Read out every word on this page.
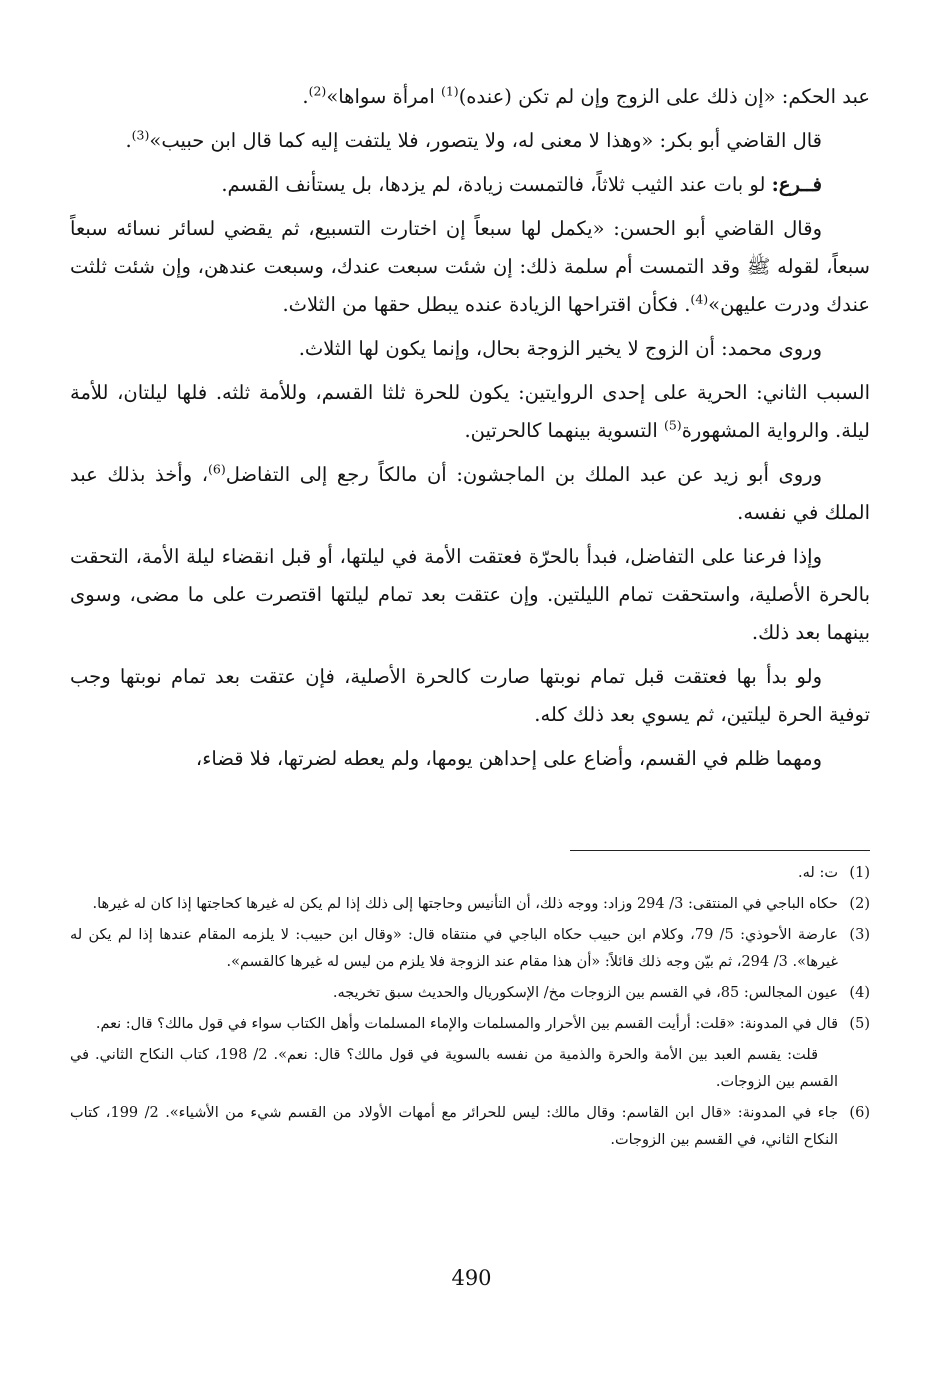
عبد الحكم: «إن ذلك على الزوج وإن لم تكن (عنده)$^{(1)}$ امرأة سواها»$^{(2)}$.

قال القاضي أبو بكر: «وهذا لا معنى له، ولا يتصور، فلا يلتفت إليه كما قال ابن حبيب»$^{(3)}$.

فــرع: لو بات عند الثيب ثلاثاً، فالتمست زيادة، لم يزدها، بل يستأنف القسم.

وقال القاضي أبو الحسن: «يكمل لها سبعاً إن اختارت التسبيع، ثم يقضي لسائر نسائه سبعاً سبعاً، لقوله ﷺ وقد التمست أم سلمة ذلك: إن شئت سبعت عندك، وسبعت عندهن، وإن شئت ثلثت عندك ودرت عليهن»$^{(4)}$. فكأن اقتراحها الزيادة عنده يبطل حقها من الثلاث.

وروى محمد: أن الزوج لا يخير الزوجة بحال، وإنما يكون لها الثلاث.

السبب الثاني: الحرية على إحدى الروايتين: يكون للحرة ثلثا القسم، وللأمة ثلثه. فلها ليلتان، للأمة ليلة. والرواية المشهورة$^{(5)}$ التسوية بينهما كالحرتين.

وروى أبو زيد عن عبد الملك بن الماجشون: أن مالكاً رجع إلى التفاضل$^{(6)}$، وأخذ بذلك عبد الملك في نفسه.

وإذا فرعنا على التفاضل، فبدأ بالحرّة فعتقت الأمة في ليلتها، أو قبل انقضاء ليلة الأمة، التحقت بالحرة الأصلية، واستحقت تمام الليلتين. وإن عتقت بعد تمام ليلتها اقتصرت على ما مضى، وسوى بينهما بعد ذلك.

ولو بدأ بها فعتقت قبل تمام نوبتها صارت كالحرة الأصلية، فإن عتقت بعد تمام نوبتها وجب توفية الحرة ليلتين، ثم يسوي بعد ذلك كله.

ومهما ظلم في القسم، وأضاع على إحداهن يومها، ولم يعطه لضرتها، فلا قضاء،

(1)
ت: له.
(2)
حكاه الباجي في المنتقى: 3/ 294 وزاد: ووجه ذلك، أن التأنيس وحاجتها إلى ذلك إذا لم يكن له غيرها كحاجتها إذا كان له غيرها.
(3)
عارضة الأحوذي: 5/ 79، وكلام ابن حبيب حكاه الباجي في منتقاه قال: «وقال ابن حبيب: لا يلزمه المقام عندها إذا لم يكن له غيرها». 3/ 294، ثم بيّن وجه ذلك قائلاً: «أن هذا مقام عند الزوجة فلا يلزم من ليس له غيرها كالقسم».
(4)
عيون المجالس: 85، في القسم بين الزوجات مخ/ الإسكوريال والحديث سبق تخريجه.
(5)
قال في المدونة: «قلت: أرأيت القسم بين الأحرار والمسلمات والإماء المسلمات وأهل الكتاب سواء في قول مالك؟ قال: نعم.
قلت: يقسم العبد بين الأمة والحرة والذمية من نفسه بالسوية في قول مالك؟ قال: نعم». 2/ 198، كتاب النكاح الثاني. في القسم بين الزوجات.
(6)
جاء في المدونة: «قال ابن القاسم: وقال مالك: ليس للحرائر مع أمهات الأولاد من القسم شيء من الأشياء». 2/ 199، كتاب النكاح الثاني، في القسم بين الزوجات.
490
